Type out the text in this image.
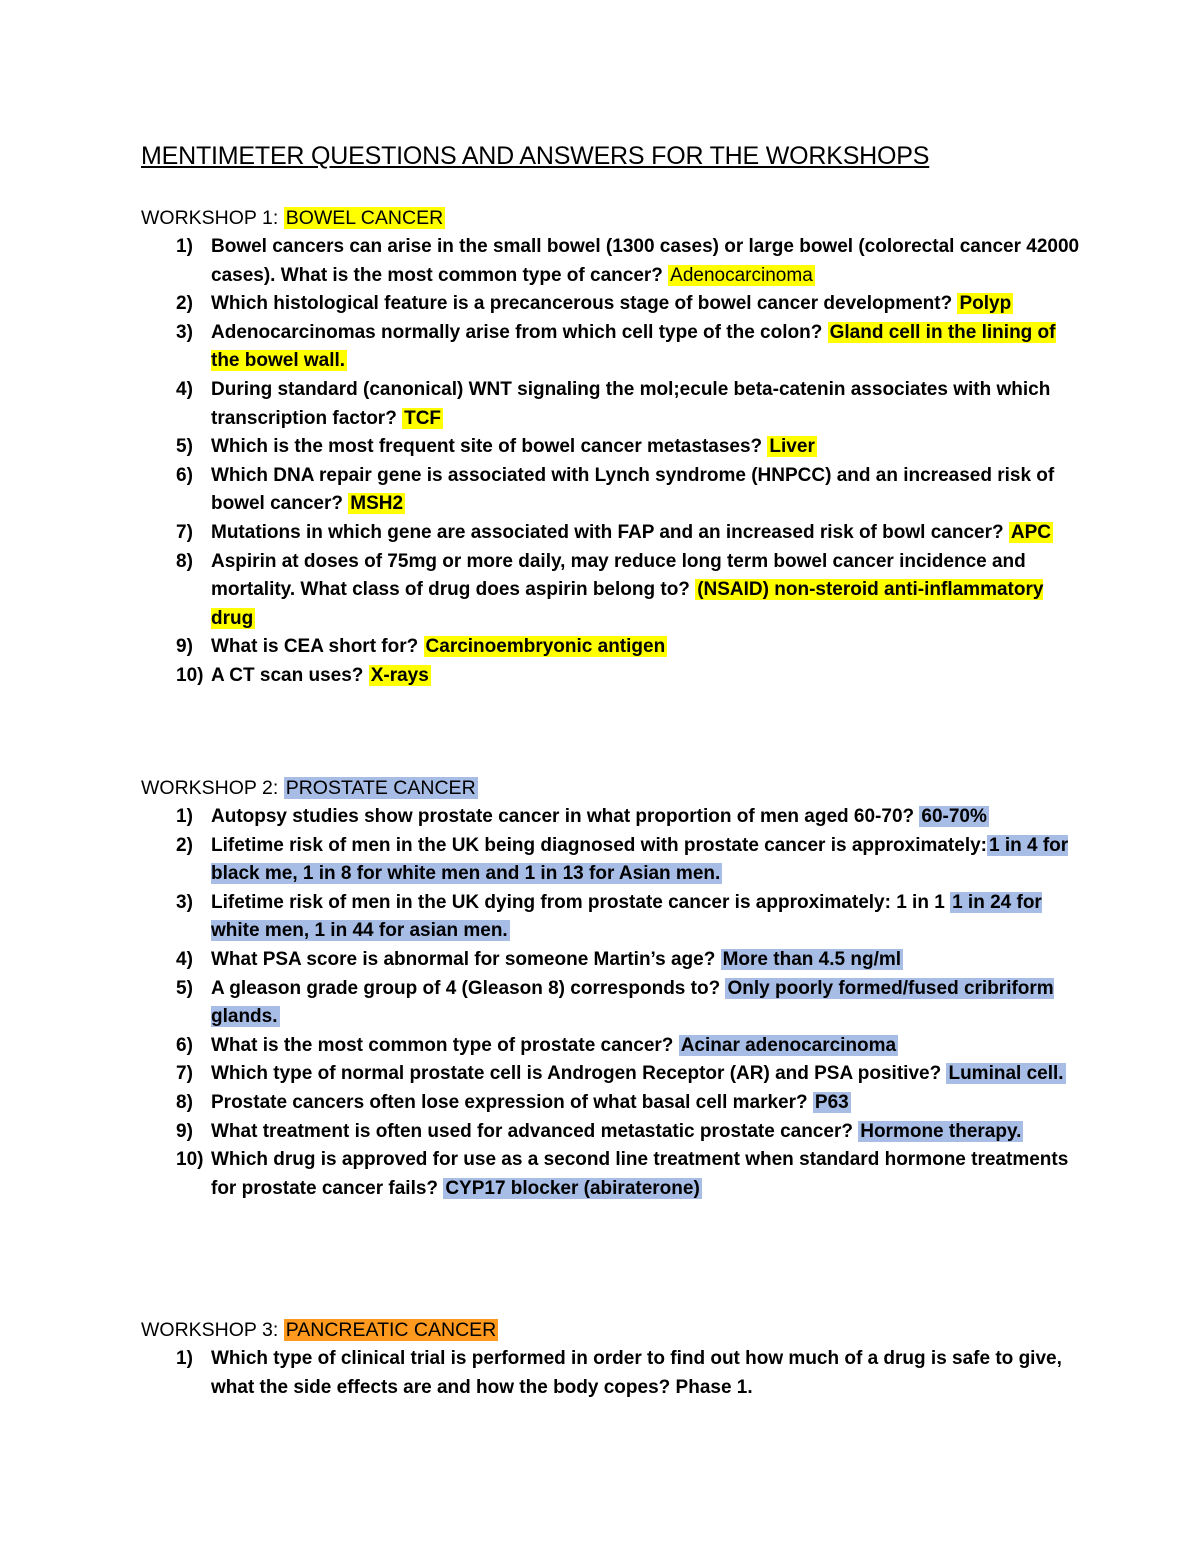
MENTIMETER QUESTIONS AND ANSWERS FOR THE WORKSHOPS
WORKSHOP 1: BOWEL CANCER
1) Bowel cancers can arise in the small bowel (1300 cases) or large bowel (colorectal cancer 42000 cases). What is the most common type of cancer? Adenocarcinoma
2) Which histological feature is a precancerous stage of bowel cancer development? Polyp
3) Adenocarcinomas normally arise from which cell type of the colon? Gland cell in the lining of the bowel wall.
4) During standard (canonical) WNT signaling the mol;ecule beta-catenin associates with which transcription factor? TCF
5) Which is the most frequent site of bowel cancer metastases? Liver
6) Which DNA repair gene is associated with Lynch syndrome (HNPCC) and an increased risk of bowel cancer? MSH2
7) Mutations in which gene are associated with FAP and an increased risk of bowl cancer? APC
8) Aspirin at doses of 75mg or more daily, may reduce long term bowel cancer incidence and mortality. What class of drug does aspirin belong to? (NSAID) non-steroid anti-inflammatory drug
9) What is CEA short for? Carcinoembryonic antigen
10) A CT scan uses? X-rays
WORKSHOP 2: PROSTATE CANCER
1) Autopsy studies show prostate cancer in what proportion of men aged 60-70? 60-70%
2) Lifetime risk of men in the UK being diagnosed with prostate cancer is approximately: 1 in 4 for black me, 1 in 8 for white men and 1 in 13 for Asian men.
3) Lifetime risk of men in the UK dying from prostate cancer is approximately: 1 in 1 1 in 24 for white men, 1 in 44 for asian men.
4) What PSA score is abnormal for someone Martin’s age? More than 4.5 ng/ml
5) A gleason grade group of 4 (Gleason 8) corresponds to? Only poorly formed/fused cribriform glands.
6) What is the most common type of prostate cancer? Acinar adenocarcinoma
7) Which type of normal prostate cell is Androgen Receptor (AR) and PSA positive? Luminal cell.
8) Prostate cancers often lose expression of what basal cell marker? P63
9) What treatment is often used for advanced metastatic prostate cancer? Hormone therapy.
10) Which drug is approved for use as a second line treatment when standard hormone treatments for prostate cancer fails? CYP17 blocker (abiraterone)
WORKSHOP 3: PANCREATIC CANCER
1) Which type of clinical trial is performed in order to find out how much of a drug is safe to give, what the side effects are and how the body copes? Phase 1.
